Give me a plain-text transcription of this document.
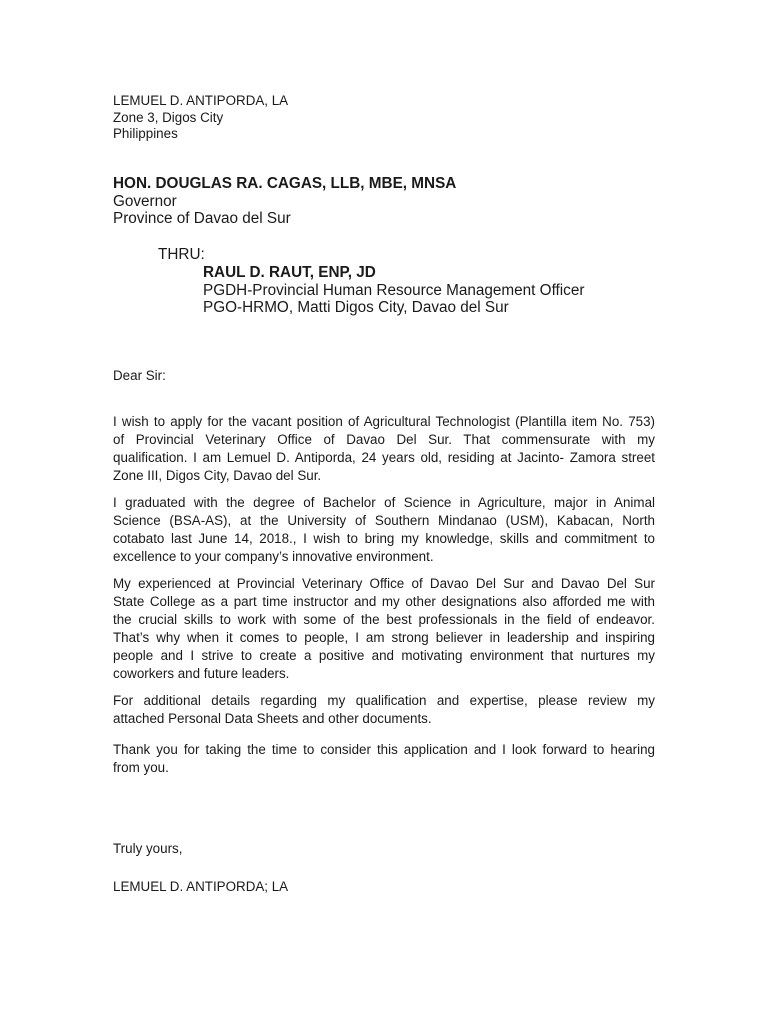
LEMUEL D. ANTIPORDA, LA
Zone 3, Digos City
Philippines
HON. DOUGLAS RA. CAGAS, LLB, MBE, MNSA
Governor
Province of Davao del Sur
THRU:
RAUL D. RAUT, ENP, JD
PGDH-Provincial Human Resource Management Officer
PGO-HRMO, Matti Digos City, Davao del Sur
Dear Sir:
I wish to apply for the vacant position of Agricultural Technologist (Plantilla item No. 753)
of Provincial Veterinary Office of Davao Del Sur. That commensurate with my
qualification. I am Lemuel D. Antiporda, 24 years old, residing at Jacinto- Zamora street
Zone III, Digos City, Davao del Sur.
I graduated with the degree of Bachelor of Science in Agriculture, major in Animal
Science (BSA-AS), at the University of Southern Mindanao (USM), Kabacan, North
cotabato last June 14, 2018., I wish to bring my knowledge, skills and commitment to
excellence to your company’s innovative environment.
My experienced at Provincial Veterinary Office of Davao Del Sur and Davao Del Sur
State College as a part time instructor and my other designations also afforded me with
the crucial skills to work with some of the best professionals in the field of endeavor.
That’s why when it comes to people, I am strong believer in leadership and inspiring
people and I strive to create a positive and motivating environment that nurtures my
coworkers and future leaders.
For additional details regarding my qualification and expertise, please review my
attached Personal Data Sheets and other documents.
Thank you for taking the time to consider this application and I look forward to hearing
from you.
Truly yours,
LEMUEL D. ANTIPORDA; LA
